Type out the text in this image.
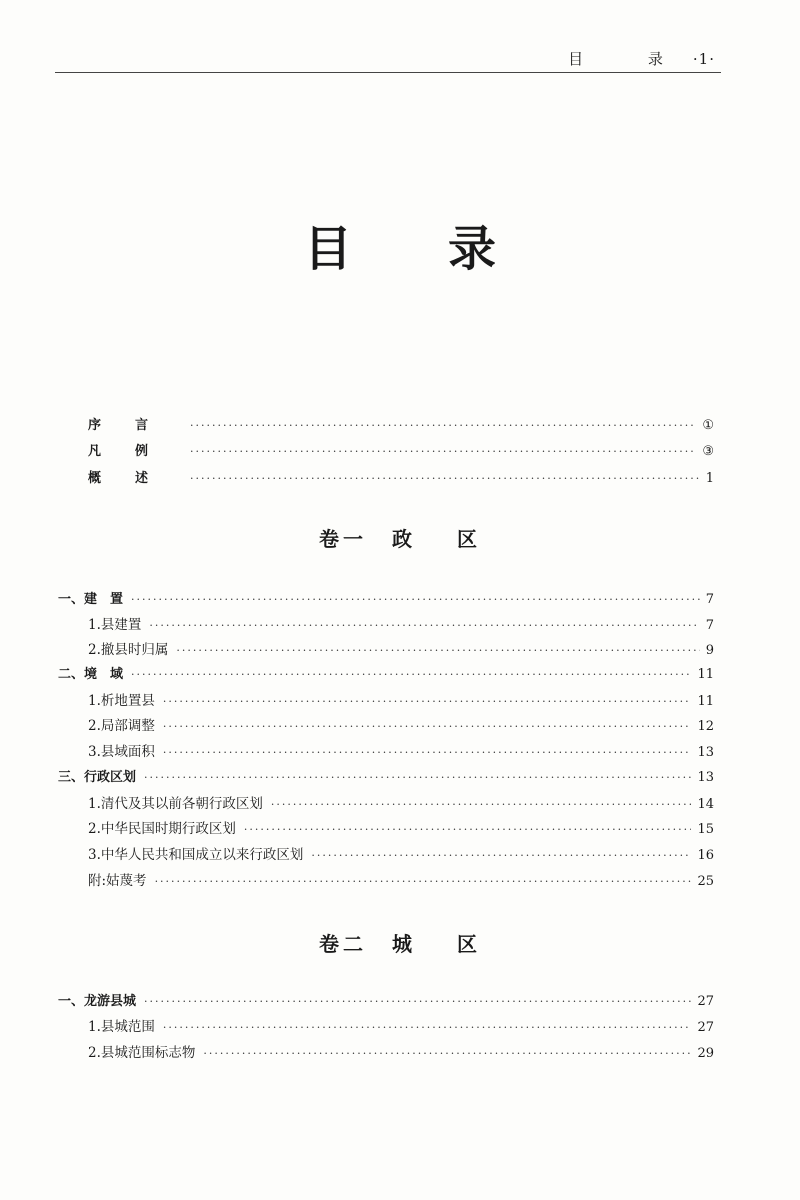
目 录·1·
目 录
序言 ·····	①
凡例 ·····	③
概述 ·····	1
卷一 政 区
一、建　置 ·····	7
1.县建置 ·····	7
2.撤县时归属 ·····	9
二、境　域 ·····	11
1.析地置县 ·····	11
2.局部调整 ·····	12
3.县域面积 ·····	13
三、行政区划 ·····	13
1.清代及其以前各朝行政区划 ·····	14
2.中华民国时期行政区划 ·····	15
3.中华人民共和国成立以来行政区划 ·····	16
附:姑蔑考 ·····	25
卷二 城 区
一、龙游县城 ·····	27
1.县城范围 ·····	27
2.县城范围标志物 ·····	29
